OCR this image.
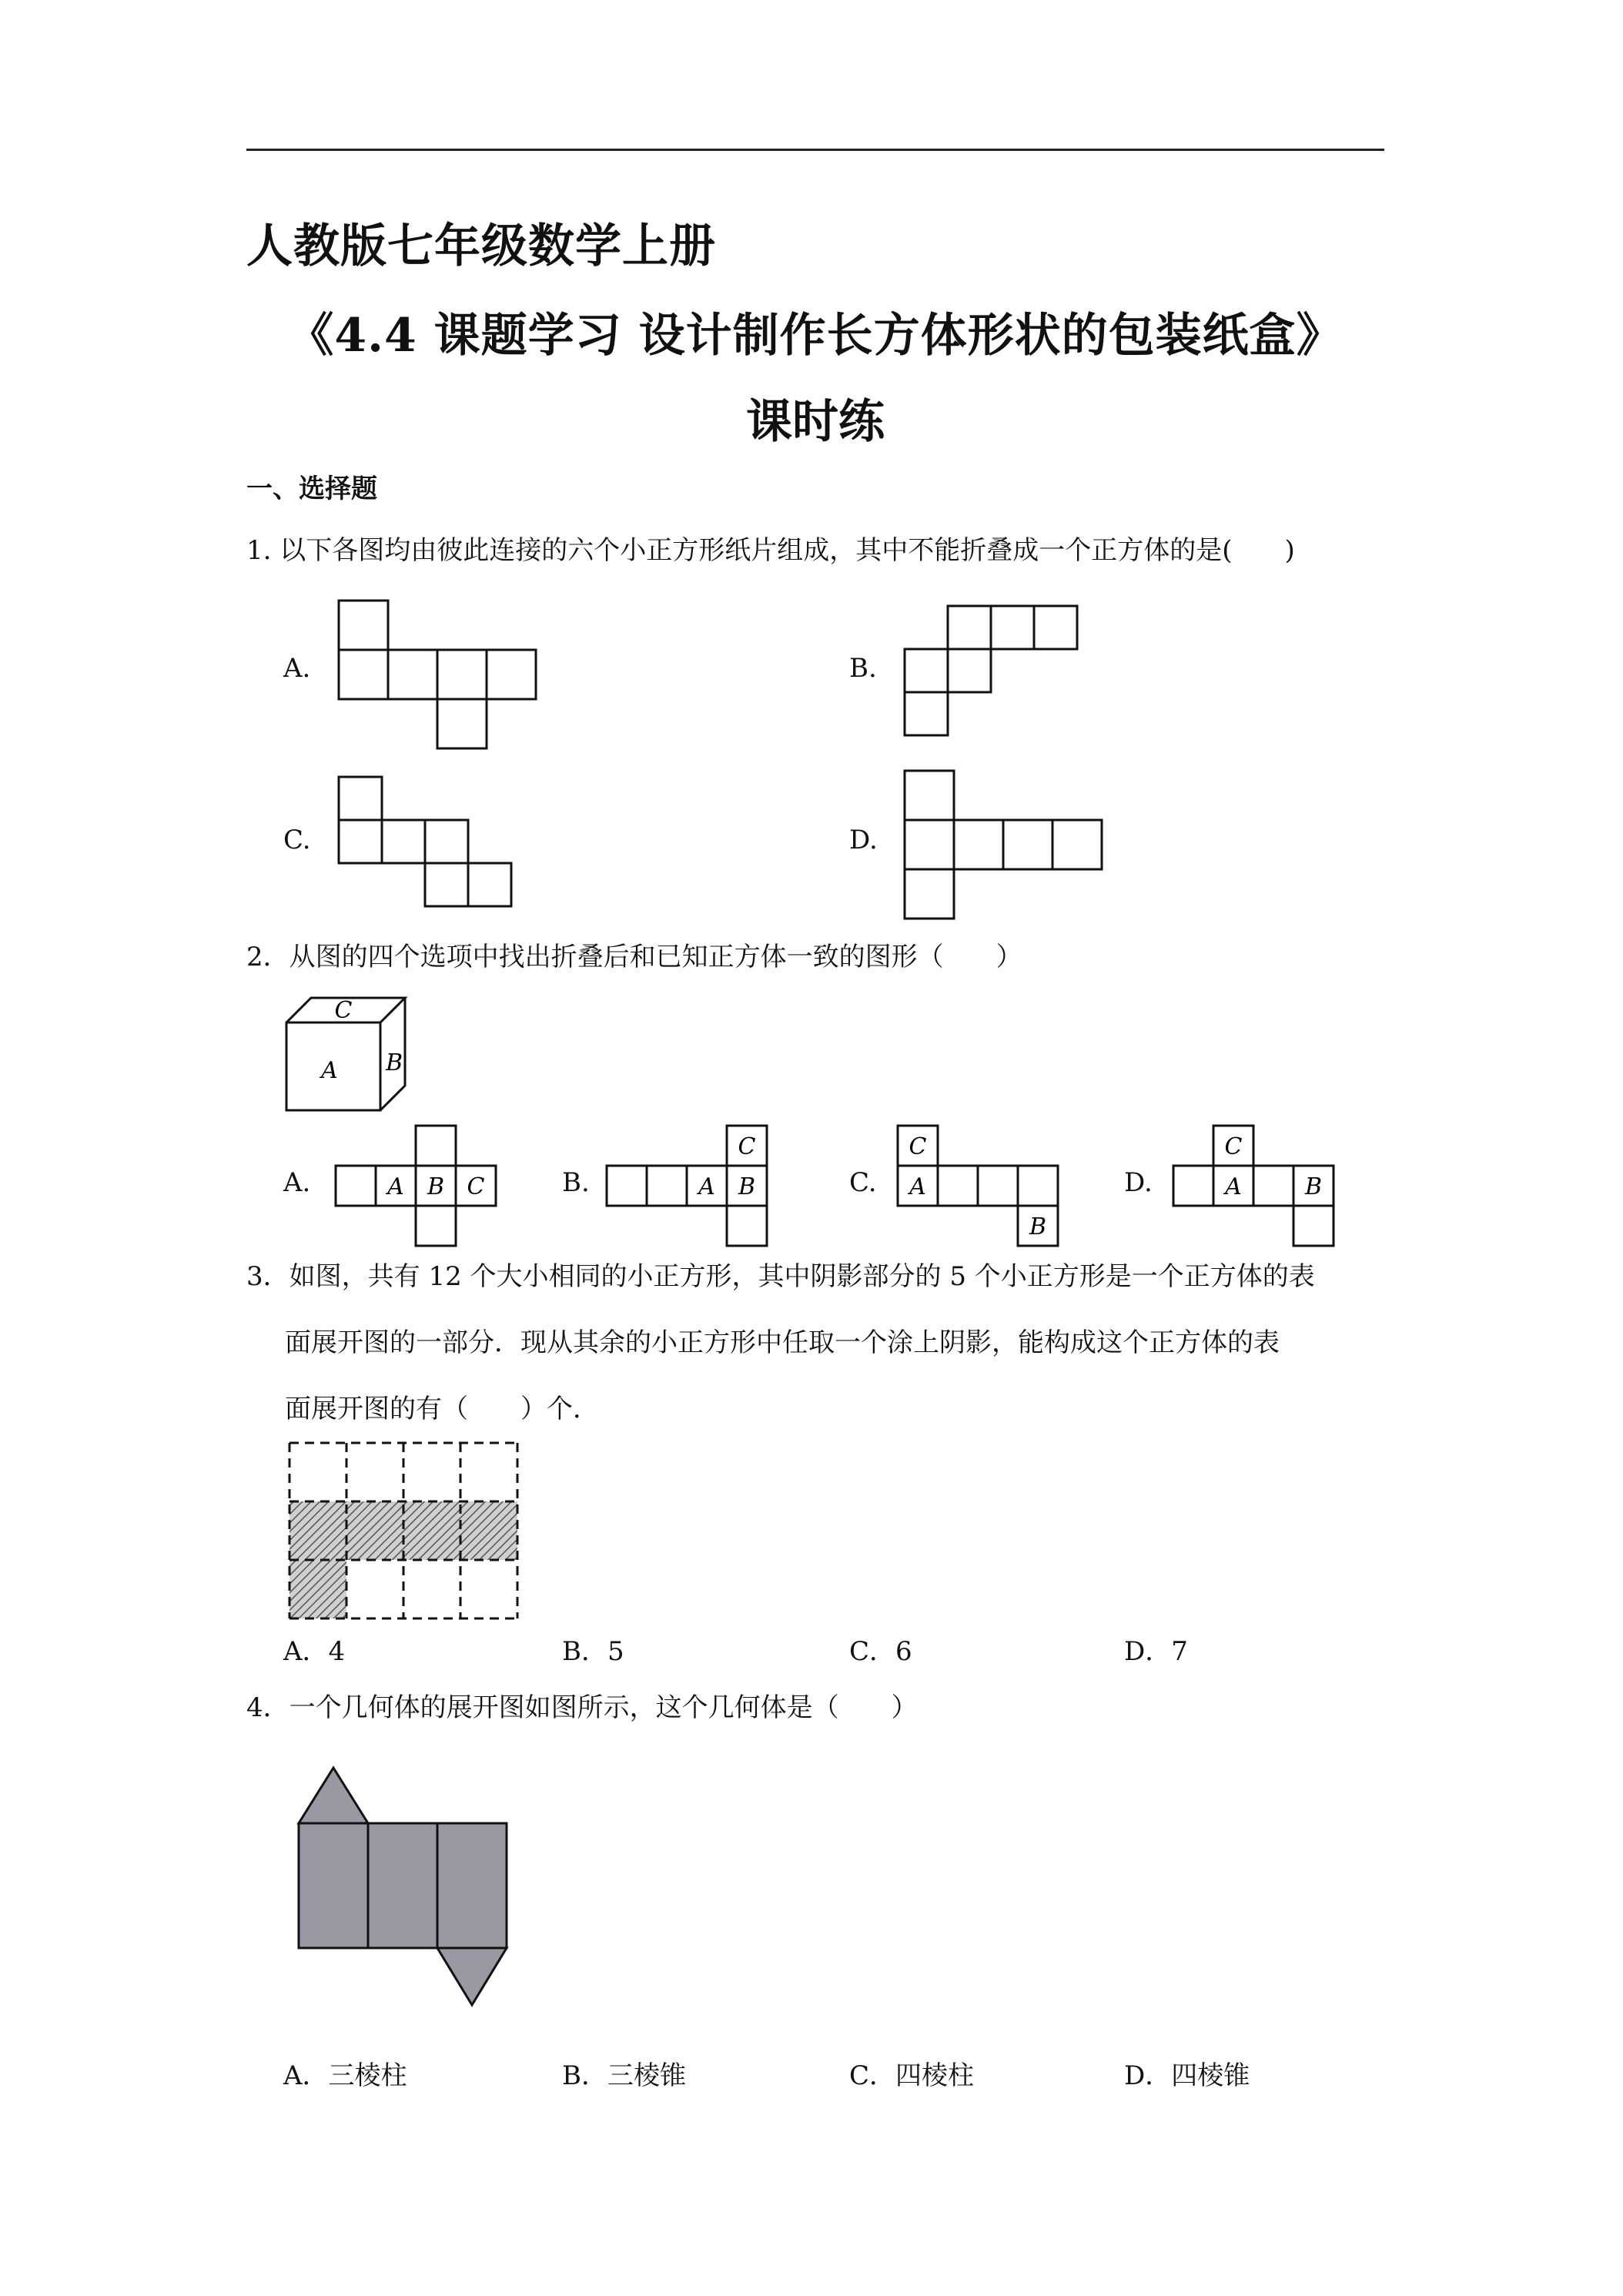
人教版七年级数学上册
《4.4 课题学习 设计制作长方体形状的包装纸盒》
课时练
一、选择题
1. 以下各图均由彼此连接的六个小正方形纸片组成，其中不能折叠成一个正方体的是(　　)
A.	B.
C.	D.
2．从图的四个选项中找出折叠后和已知正方体一致的图形（　　）
C
A B
A.	B.	C.	D.
A B C
C
A B
C
A
B
C
A	B
3．如图，共有 12 个大小相同的小正方形，其中阴影部分的 5 个小正方形是一个正方体的表

面展开图的一部分．现从其余的小正方形中任取一个涂上阴影，能构成这个正方体的表
面展开图的有（　　）个．
A．4	B．5	C．6	D．7
4．一个几何体的展开图如图所示，这个几何体是（　　）
A．三棱柱	B．三棱锥	C．四棱柱	D．四棱锥
